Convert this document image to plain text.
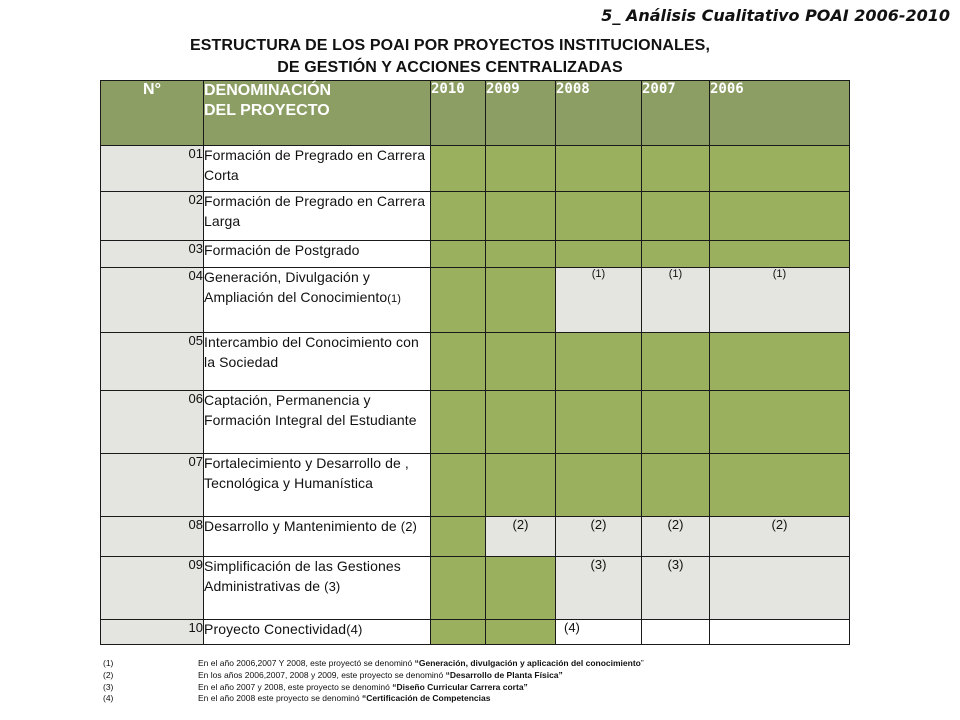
5_ Análisis Cualitativo POAI 2006-2010
ESTRUCTURA DE LOS POAI POR PROYECTOS INSTITUCIONALES,
DE GESTIÓN Y ACCIONES CENTRALIZADAS
N°	DENOMINACIÓN
DEL PROYECTO	2010	2009	2008	2007	2006
01	Formación de Pregrado en Carrera Corta					
02	Formación de Pregrado en Carrera Larga					
03	Formación de Postgrado					
04	Generación, Divulgación y Ampliación del Conocimiento(1)			(1)	(1)	(1)
05	Intercambio del Conocimiento con la Sociedad					
06	Captación, Permanencia y Formación Integral del Estudiante					
07	Fortalecimiento y Desarrollo de , Tecnológica y Humanística					
08	Desarrollo y Mantenimiento de (2)		(2)	(2)	(2)	(2)
09	Simplificación de las Gestiones Administrativas de (3)			(3)	(3)	
10	Proyecto Conectividad(4)			(4)		
(1)	En el año 2006,2007 Y 2008, este proyectó se denominó “Generación, divulgación y aplicación del conocimiento”
(2)	En los años 2006,2007, 2008 y 2009, este proyecto se denominó “Desarrollo de Planta Física”
(3)	En el año 2007 y 2008, este proyecto se denominó “Diseño Curricular Carrera corta”
(4)	En el año 2008 este proyecto se denominó “Certificación de Competencias
